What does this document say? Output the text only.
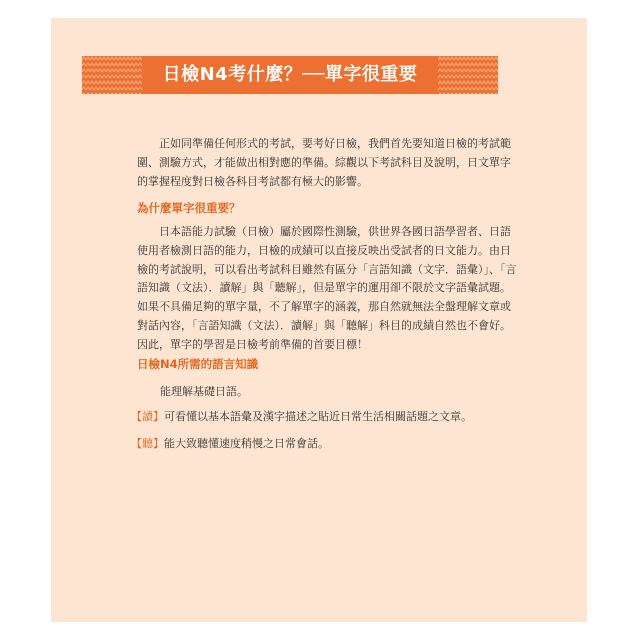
日檢N4考什麼？──單字很重要

正如同準備任何形式的考試，要考好日檢，我們首先要知道日檢的考試範圍、測驗方式，才能做出相對應的準備。綜觀以下考試科目及說明，日文單字的掌握程度對日檢各科目考試都有極大的影響。

為什麼單字很重要？

日本語能力試驗（日檢）屬於國際性測驗，供世界各國日語學習者、日語使用者檢測日語的能力，日檢的成績可以直接反映出受試者的日文能力。由日檢的考試說明，可以看出考試科目雖然有區分「言語知識（文字．語彙）」、「言語知識（文法）．讀解」與「聽解」，但是單字的運用卻不限於文字語彙試題。如果不具備足夠的單字量，不了解單字的涵義，那自然就無法全盤理解文章或對話內容，「言語知識（文法）．讀解」與「聽解」科目的成績自然也不會好。因此，單字的學習是日檢考前準備的首要目標！

日檢N4所需的語言知識

能理解基礎日語。

【讀】可看懂以基本語彙及漢字描述之貼近日常生活相關話題之文章。

【聽】能大致聽懂速度稍慢之日常會話。
